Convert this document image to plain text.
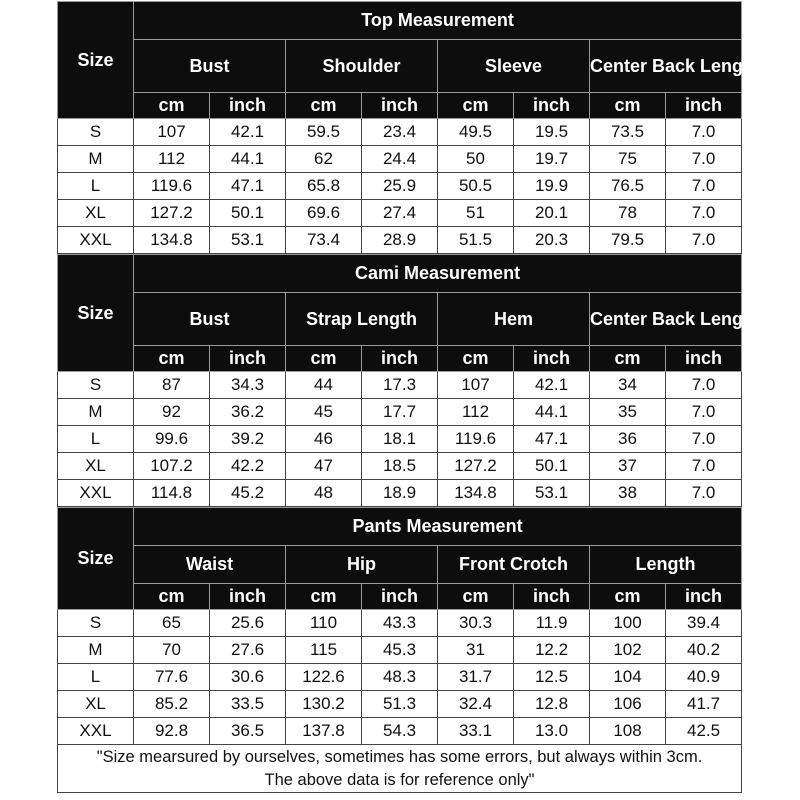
Size	Top Measurement
Bust	Shoulder	Sleeve	Center Back Length
cm	inch	cm	inch	cm	inch	cm	inch
S	107	42.1	59.5	23.4	49.5	19.5	73.5	7.0
M	112	44.1	62	24.4	50	19.7	75	7.0
L	119.6	47.1	65.8	25.9	50.5	19.9	76.5	7.0
XL	127.2	50.1	69.6	27.4	51	20.1	78	7.0
XXL	134.8	53.1	73.4	28.9	51.5	20.3	79.5	7.0
Size	Cami Measurement
Bust	Strap Length	Hem	Center Back Length
cm	inch	cm	inch	cm	inch	cm	inch
S	87	34.3	44	17.3	107	42.1	34	7.0
M	92	36.2	45	17.7	112	44.1	35	7.0
L	99.6	39.2	46	18.1	119.6	47.1	36	7.0
XL	107.2	42.2	47	18.5	127.2	50.1	37	7.0
XXL	114.8	45.2	48	18.9	134.8	53.1	38	7.0
Size	Pants Measurement
Waist	Hip	Front Crotch	Length
cm	inch	cm	inch	cm	inch	cm	inch
S	65	25.6	110	43.3	30.3	11.9	100	39.4
M	70	27.6	115	45.3	31	12.2	102	40.2
L	77.6	30.6	122.6	48.3	31.7	12.5	104	40.9
XL	85.2	33.5	130.2	51.3	32.4	12.8	106	41.7
XXL	92.8	36.5	137.8	54.3	33.1	13.0	108	42.5

"Size mearsured by ourselves, sometimes has some errors, but always within 3cm.
The above data is for reference only"
